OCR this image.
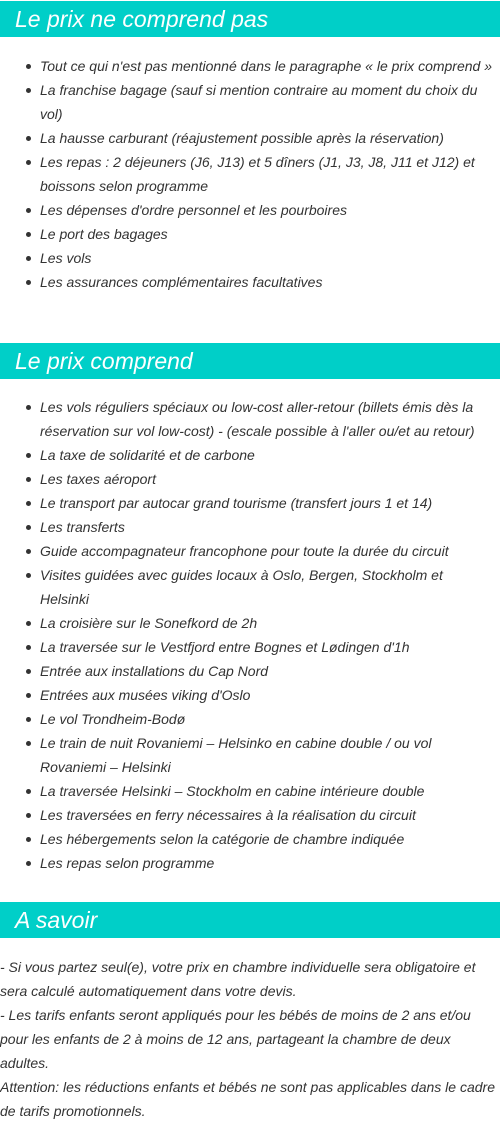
Le prix ne comprend pas
Tout ce qui n'est pas mentionné dans le paragraphe « le prix comprend »
La franchise bagage (sauf si mention contraire au moment du choix du vol)
La hausse carburant (réajustement possible après la réservation)
Les repas : 2 déjeuners (J6, J13) et 5 dîners (J1, J3, J8, J11 et J12) et boissons selon programme
Les dépenses d'ordre personnel et les pourboires
Le port des bagages
Les vols
Les assurances complémentaires facultatives
Le prix comprend
Les vols réguliers spéciaux ou low-cost aller-retour (billets émis dès la réservation sur vol low-cost) - (escale possible à l'aller ou/et au retour)
La taxe de solidarité et de carbone
Les taxes aéroport
Le transport par autocar grand tourisme (transfert jours 1 et 14)
Les transferts
Guide accompagnateur francophone pour toute la durée du circuit
Visites guidées avec guides locaux à Oslo, Bergen, Stockholm et Helsinki
La croisière sur le Sonefkord de 2h
La traversée sur le Vestfjord entre Bognes et Lødingen d'1h
Entrée aux installations du Cap Nord
Entrées aux musées viking d'Oslo
Le vol Trondheim-Bodø
Le train de nuit Rovaniemi – Helsinko en cabine double / ou vol Rovaniemi – Helsinki
La traversée Helsinki – Stockholm en cabine intérieure double
Les traversées en ferry nécessaires à la réalisation du circuit
Les hébergements selon la catégorie de chambre indiquée
Les repas selon programme
A savoir

- Si vous partez seul(e), votre prix en chambre individuelle sera obligatoire et sera calculé automatiquement dans votre devis.

- Les tarifs enfants seront appliqués pour les bébés de moins de 2 ans et/ou pour les enfants de 2 à moins de 12 ans, partageant la chambre de deux adultes.

Attention: les réductions enfants et bébés ne sont pas applicables dans le cadre de tarifs promotionnels.
